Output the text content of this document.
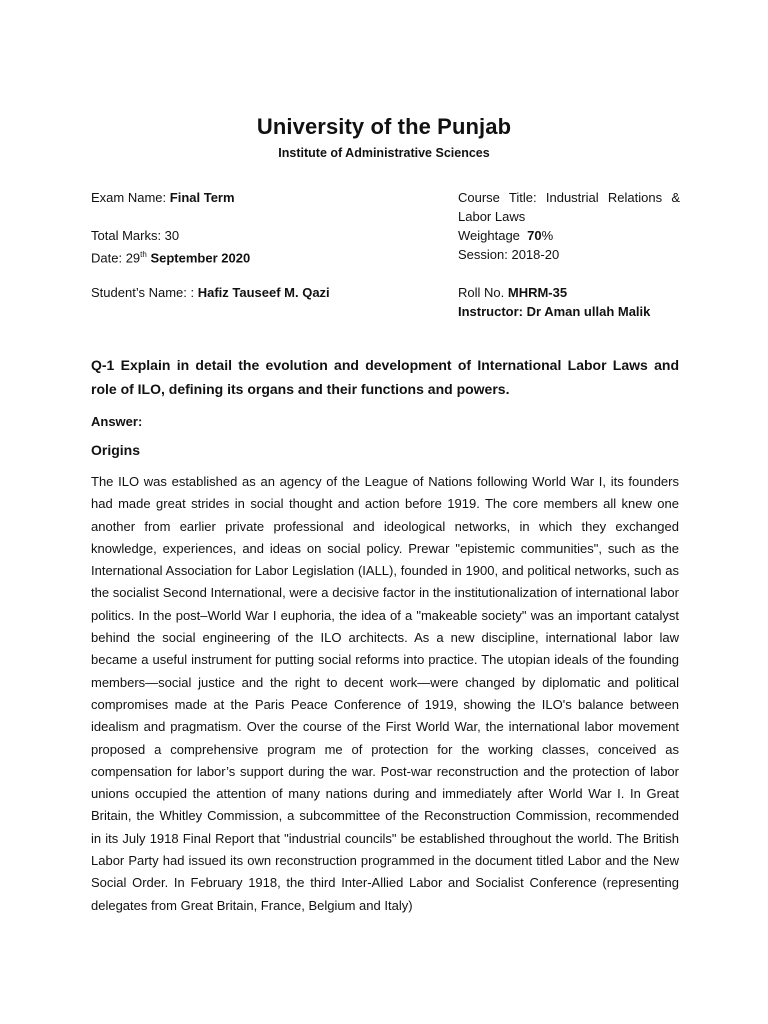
University of the Punjab
Institute of Administrative Sciences
Exam Name: Final Term
Total Marks: 30
Date: 29th September 2020
Student’s Name: : Hafiz Tauseef M. Qazi
Course Title: Industrial Relations & Labor Laws
Weightage 70%
Session: 2018-20
Roll No. MHRM-35
Instructor: Dr Aman ullah Malik
Q-1 Explain in detail the evolution and development of International Labor Laws and role of ILO, defining its organs and their functions and powers.
Answer:
Origins

The ILO was established as an agency of the League of Nations following World War I, its founders had made great strides in social thought and action before 1919. The core members all knew one another from earlier private professional and ideological networks, in which they exchanged knowledge, experiences, and ideas on social policy. Prewar "epistemic communities", such as the International Association for Labor Legislation (IALL), founded in 1900, and political networks, such as the socialist Second International, were a decisive factor in the institutionalization of international labor politics. In the post–World War I euphoria, the idea of a "makeable society" was an important catalyst behind the social engineering of the ILO architects. As a new discipline, international labor law became a useful instrument for putting social reforms into practice. The utopian ideals of the founding members—social justice and the right to decent work—were changed by diplomatic and political compromises made at the Paris Peace Conference of 1919, showing the ILO's balance between idealism and pragmatism. Over the course of the First World War, the international labor movement proposed a comprehensive program me of protection for the working classes, conceived as compensation for labor’s support during the war. Post-war reconstruction and the protection of labor unions occupied the attention of many nations during and immediately after World War I. In Great Britain, the Whitley Commission, a subcommittee of the Reconstruction Commission, recommended in its July 1918 Final Report that "industrial councils" be established throughout the world. The British Labor Party had issued its own reconstruction programmed in the document titled Labor and the New Social Order. In February 1918, the third Inter-Allied Labor and Socialist Conference (representing delegates from Great Britain, France, Belgium and Italy)
